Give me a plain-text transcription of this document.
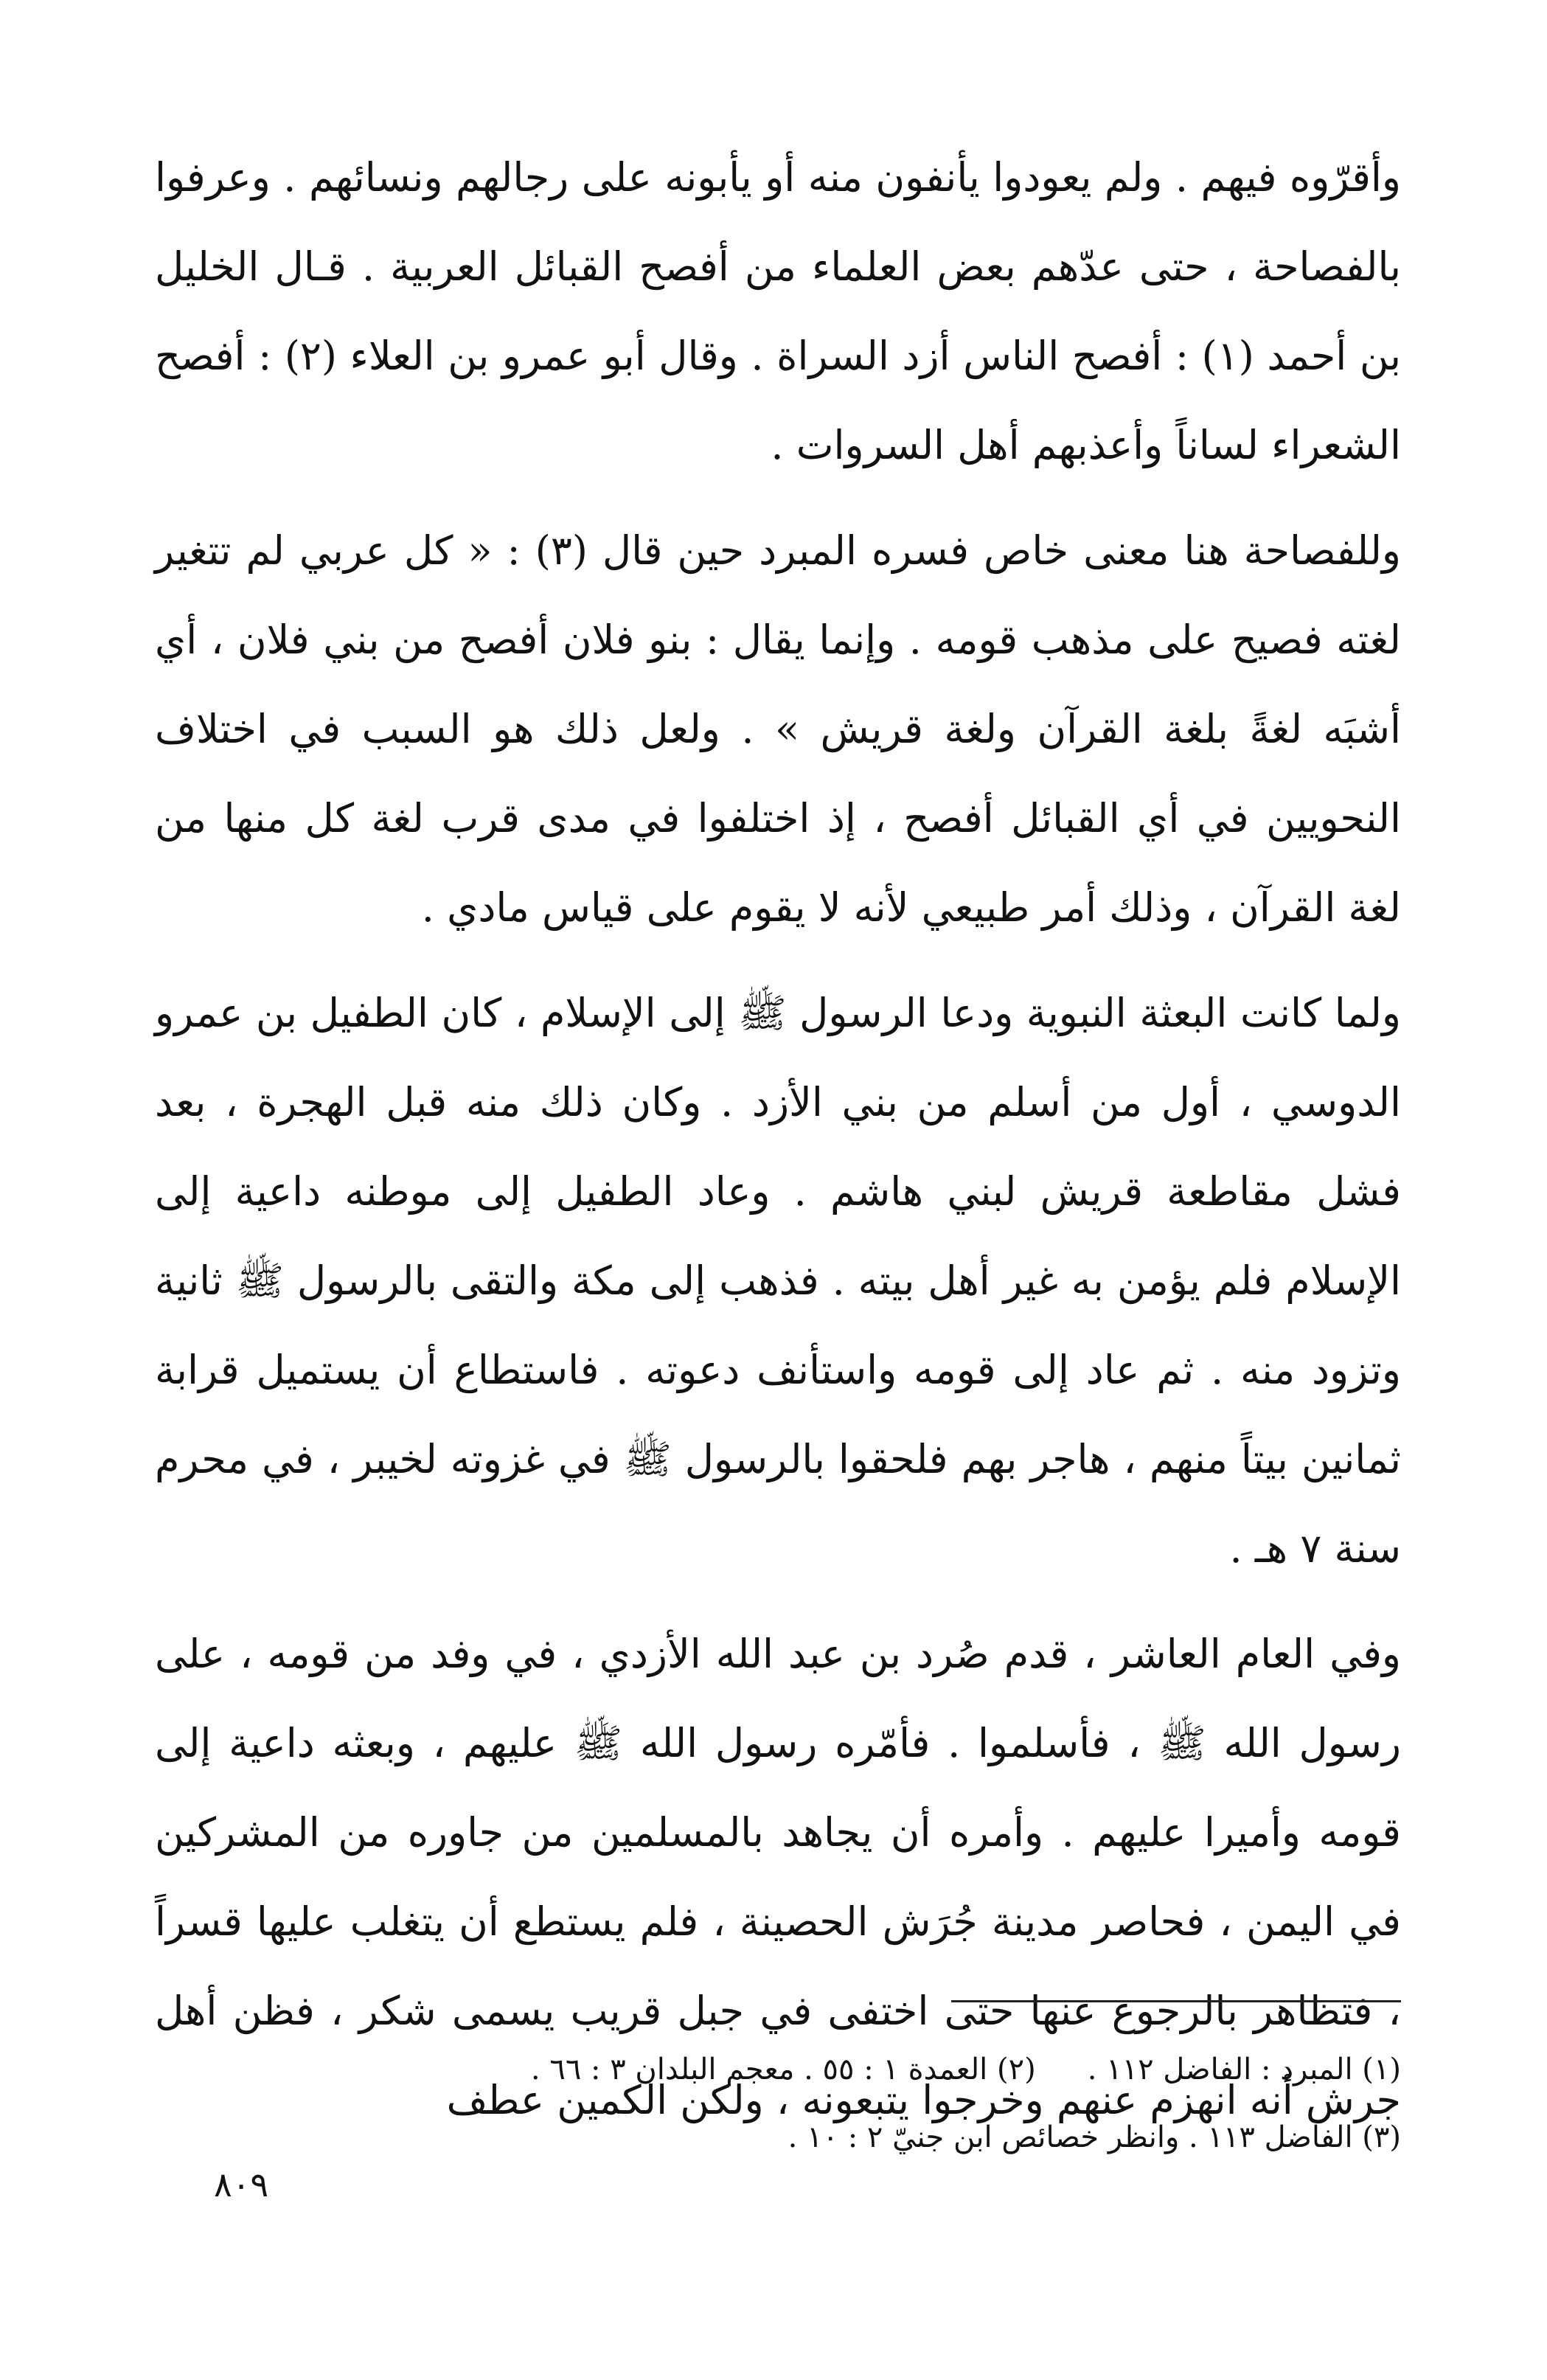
وأقرّوه فيهم . ولم يعودوا يأنفون منه أو يأبونه على رجالهم ونسائهم . وعرفوا بالفصاحة ، حتى عدّهم بعض العلماء من أفصح القبائل العربية . قـال الخليل بن أحمد (١) : أفصح الناس أزد السراة . وقال أبو عمرو بن العلاء (٢) : أفصح الشعراء لساناً وأعذبهم أهل السروات .

وللفصاحة هنا معنى خاص فسره المبرد حين قال (٣) : « كل عربي لم تتغير لغته فصيح على مذهب قومه . وإنما يقال : بنو فلان أفصح من بني فلان ، أي أشبَه لغةً بلغة القرآن ولغة قريش » . ولعل ذلك هو السبب في اختلاف النحويين في أي القبائل أفصح ، إذ اختلفوا في مدى قرب لغة كل منها من لغة القرآن ، وذلك أمر طبيعي لأنه لا يقوم على قياس مادي .

ولما كانت البعثة النبوية ودعا الرسول ﷺ إلى الإسلام ، كان الطفيل بن عمرو الدوسي ، أول من أسلم من بني الأزد . وكان ذلك منه قبل الهجرة ، بعد فشل مقاطعة قريش لبني هاشم . وعاد الطفيل إلى موطنه داعية إلى الإسلام فلم يؤمن به غير أهل بيته . فذهب إلى مكة والتقى بالرسول ﷺ ثانية وتزود منه . ثم عاد إلى قومه واستأنف دعوته . فاستطاع أن يستميل قرابة ثمانين بيتاً منهم ، هاجر بهم فلحقوا بالرسول ﷺ في غزوته لخيبر ، في محرم سنة ٧ هـ .

وفي العام العاشر ، قدم صُرد بن عبد الله الأزدي ، في وفد من قومه ، على رسول الله ﷺ ، فأسلموا . فأمّره رسول الله ﷺ عليهم ، وبعثه داعية إلى قومه وأميرا عليهم . وأمره أن يجاهد بالمسلمين من جاوره من المشركين في اليمن ، فحاصر مدينة جُرَش الحصينة ، فلم يستطع أن يتغلب عليها قسراً ، فتظاهر بالرجوع عنها حتى اختفى في جبل قريب يسمى شكر ، فظن أهل جرش أنه انهزم عنهم وخرجوا يتبعونه ، ولكن الكمين عطف

(١) المبرد : الفاضل ١١٢ .
(٢) العمدة ١ : ٥٥ . معجم البلدان ٣ : ٦٦ .
(٣) الفاضل ١١٣ . وانظر خصائص ابن جنيّ ٢ : ١٠ .
٨٠٩
